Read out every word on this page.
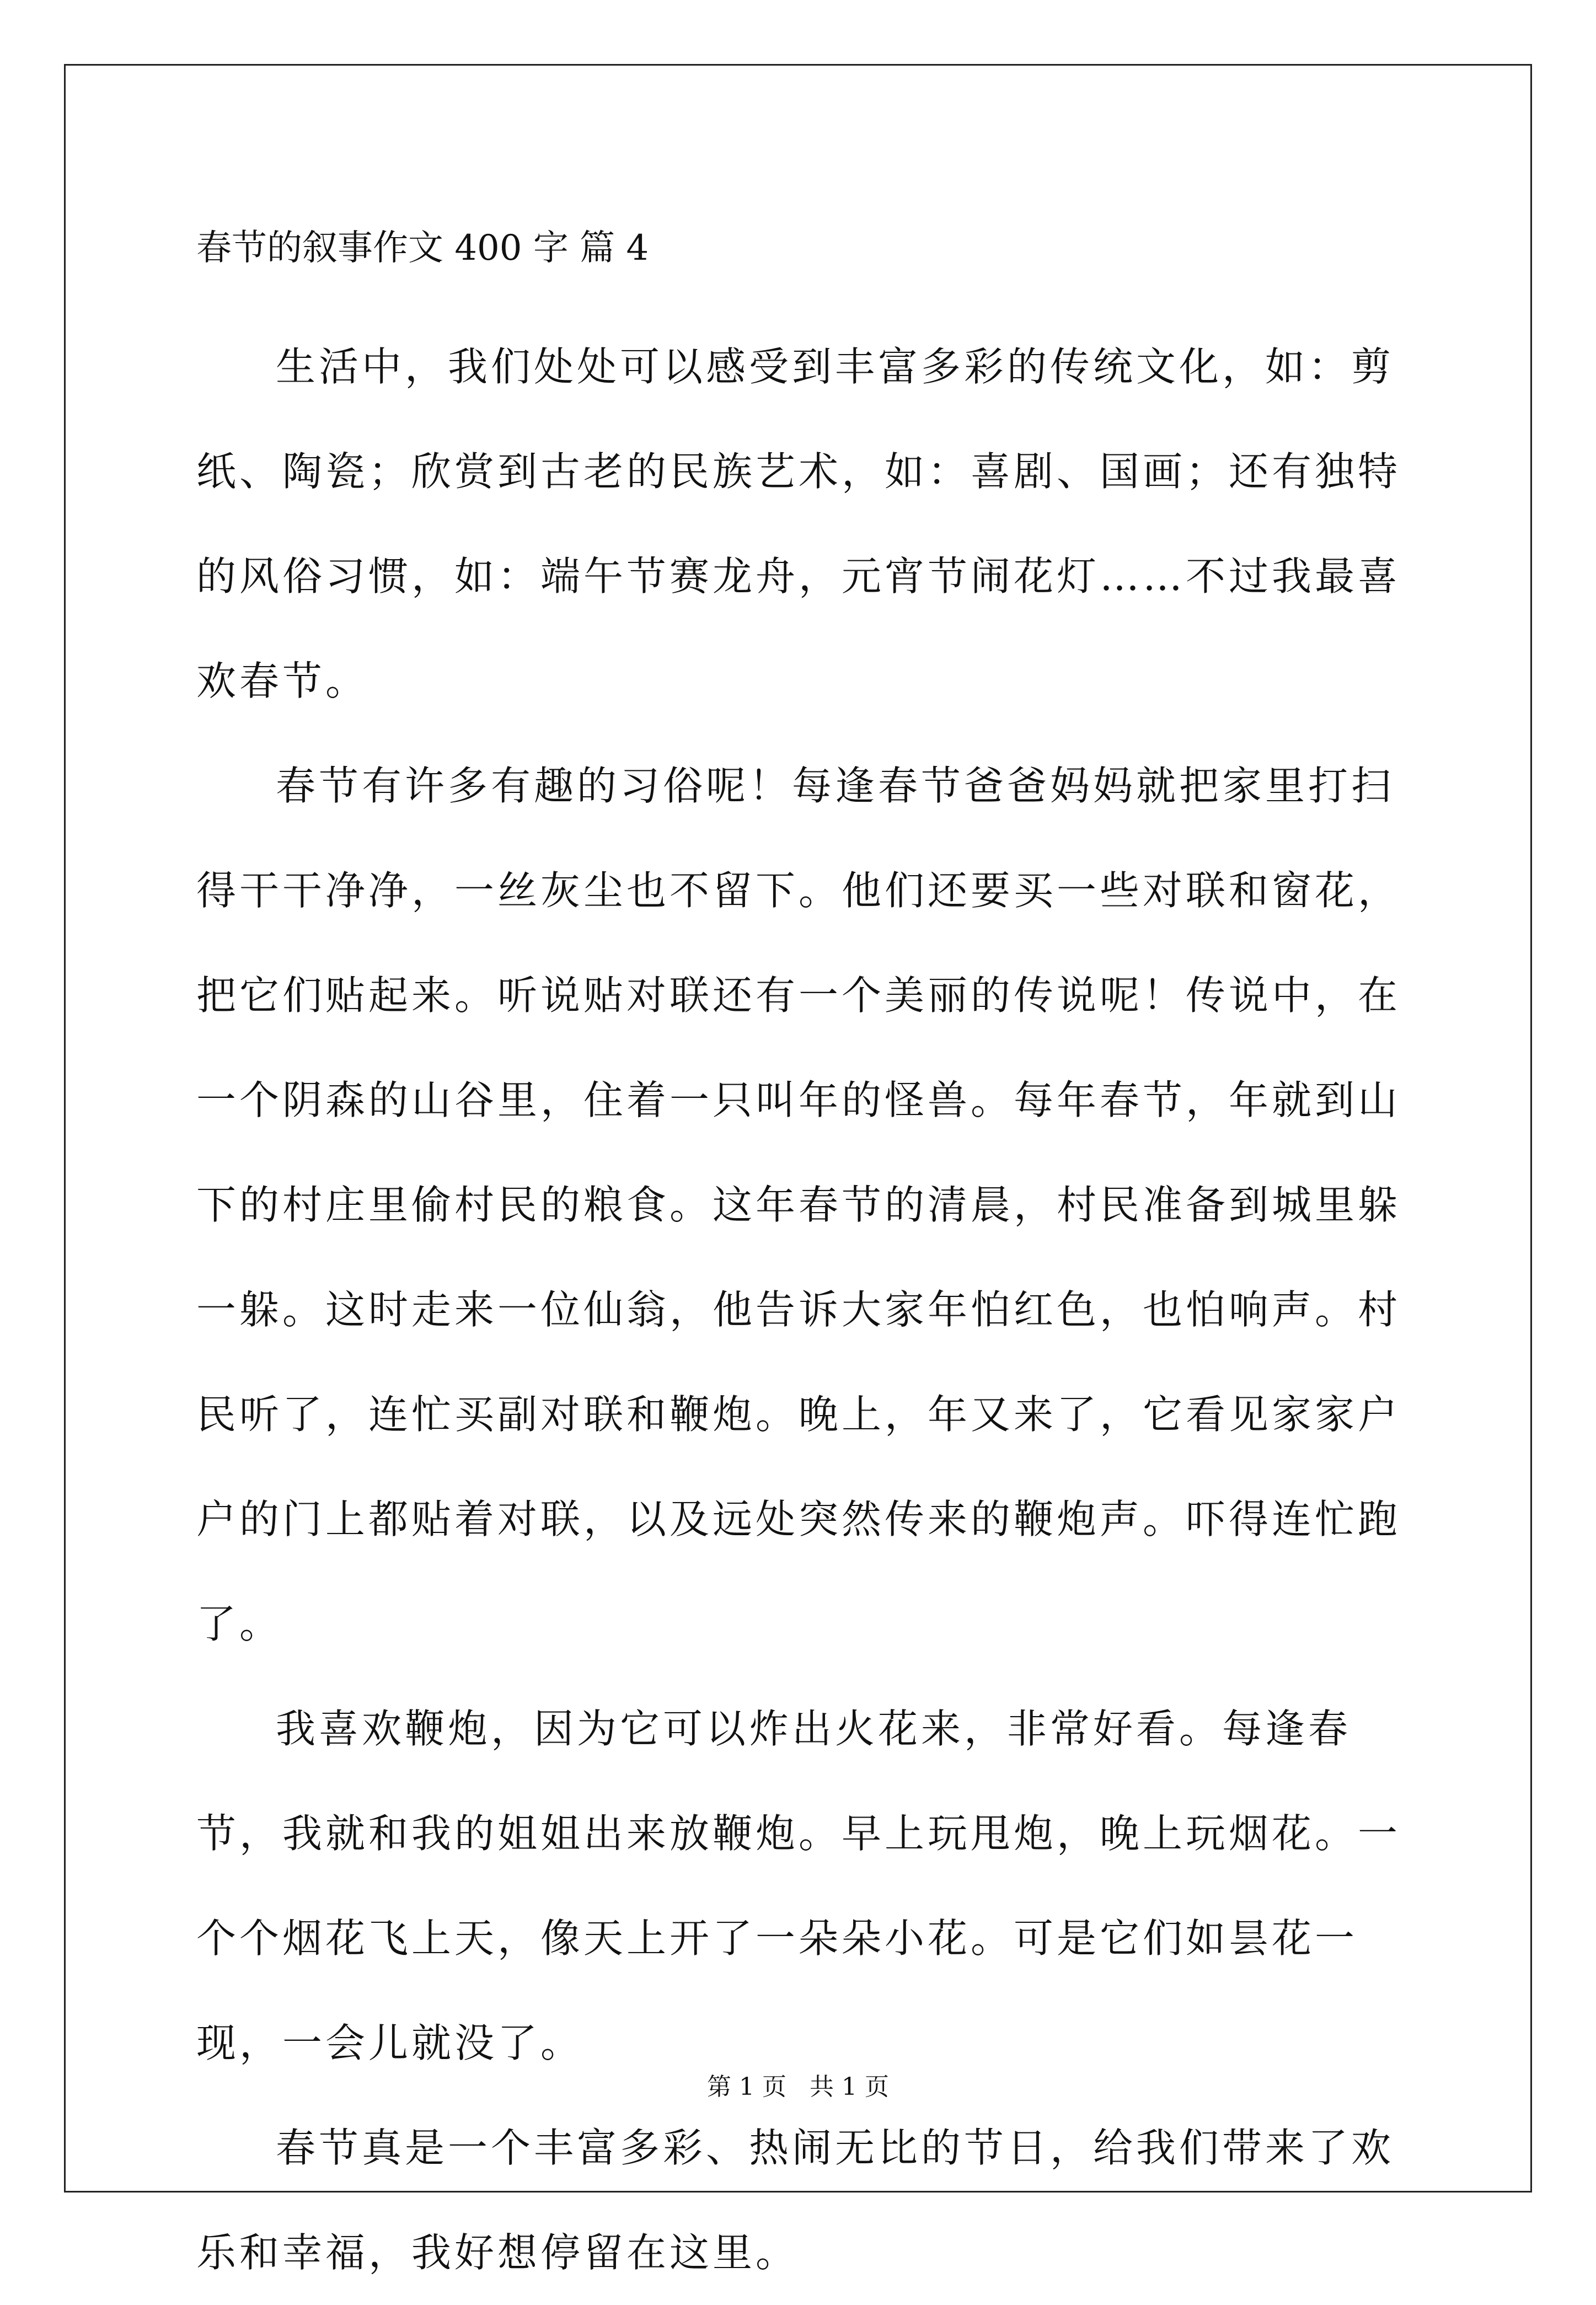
春节的叙事作文 400 字 篇 4

生活中，我们处处可以感受到丰富多彩的传统文化，如：剪纸、陶瓷；欣赏到古老的民族艺术，如：喜剧、国画；还有独特的风俗习惯，如：端午节赛龙舟，元宵节闹花灯……不过我最喜欢春节。

春节有许多有趣的习俗呢！每逢春节爸爸妈妈就把家里打扫得干干净净，一丝灰尘也不留下。他们还要买一些对联和窗花，把它们贴起来。听说贴对联还有一个美丽的传说呢！传说中，在一个阴森的山谷里，住着一只叫年的怪兽。每年春节，年就到山下的村庄里偷村民的粮食。这年春节的清晨，村民准备到城里躲一躲。这时走来一位仙翁，他告诉大家年怕红色，也怕响声。村民听了，连忙买副对联和鞭炮。晚上，年又来了，它看见家家户户的门上都贴着对联，以及远处突然传来的鞭炮声。吓得连忙跑了。

我喜欢鞭炮，因为它可以炸出火花来，非常好看。每逢春节，我就和我的姐姐出来放鞭炮。早上玩甩炮，晚上玩烟花。一个个烟花飞上天，像天上开了一朵朵小花。可是它们如昙花一现，一会儿就没了。

春节真是一个丰富多彩、热闹无比的节日，给我们带来了欢乐和幸福，我好想停留在这里。

第 1 页   共 1 页
